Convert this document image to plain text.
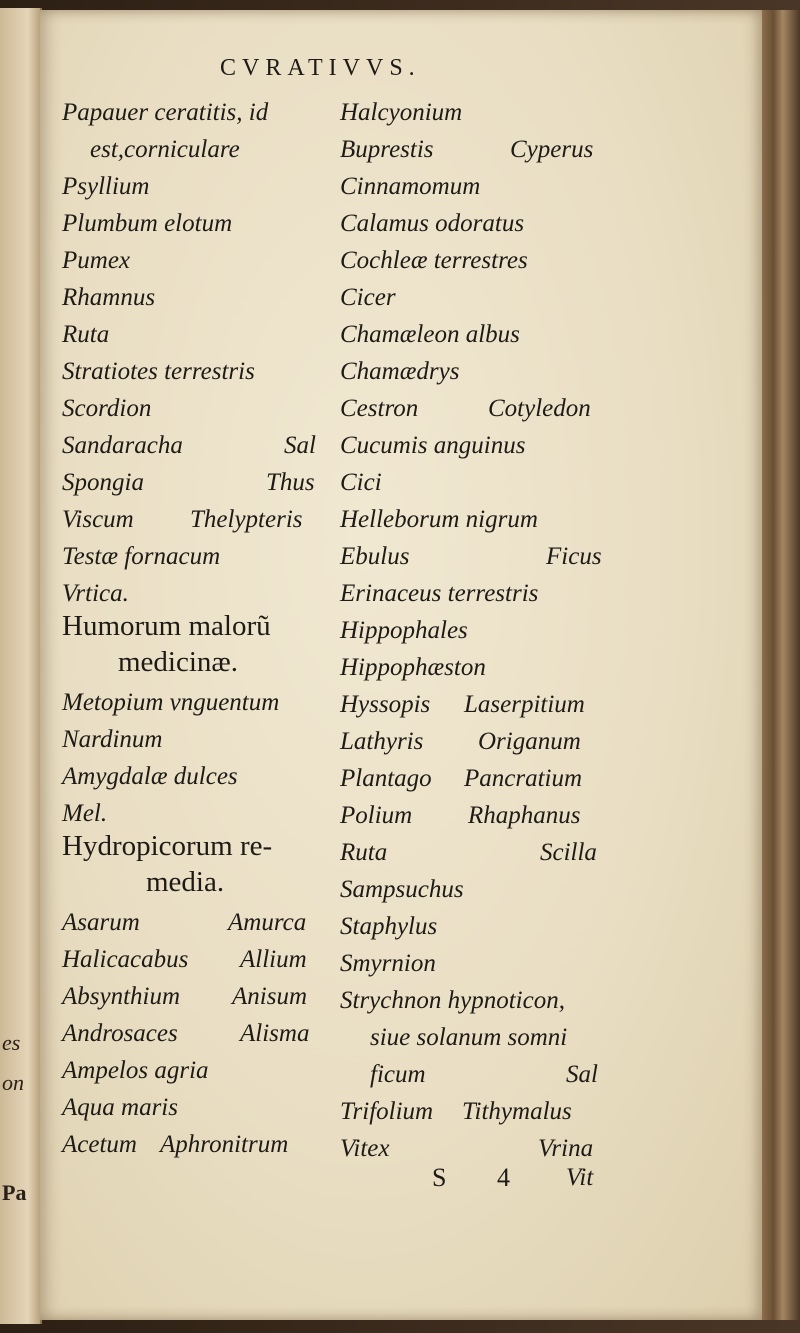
es
on
Pa
CVRATIVVS.
Papauer ceratitis, id
est,corniculare
Psyllium
Plumbum elotum
Pumex
Rhamnus
Ruta
Stratiotes terrestris
Scordion
Sandaracha	Sal
Spongia	Thus
Viscum Thelypteris
Testæ fornacum
Vrtica.
Humorum malorũ
medicinæ.
Metopium vnguentum
Nardinum
Amygdalæ dulces
Mel.
Hydropicorum re-
media.
Asarum	Amurca
Halicacabus Allium
Absynthium Anisum
Androsaces Alisma
Ampelos agria
Aqua maris
Acetum Aphronitrum
Halcyonium
Buprestis	Cyperus
Cinnamomum
Calamus odoratus
Cochleæ terrestres
Cicer
Chamæleon albus
Chamædrys
Cestron	Cotyledon
Cucumis anguinus
Cici
Helleborum nigrum
Ebulus	Ficus
Erinaceus terrestris
Hippophales
Hippophæston
Hyssopis Laserpitium
Lathyris Origanum
Plantago Pancratium
Polium Rhaphanus
Ruta	Scilla
Sampsuchus
Staphylus
Smyrnion
Strychnon hypnoticon,
siue solanum somni
ficum	Sal
Trifolium Tithymalus
Vitex	Vrina
S 4 Vit
